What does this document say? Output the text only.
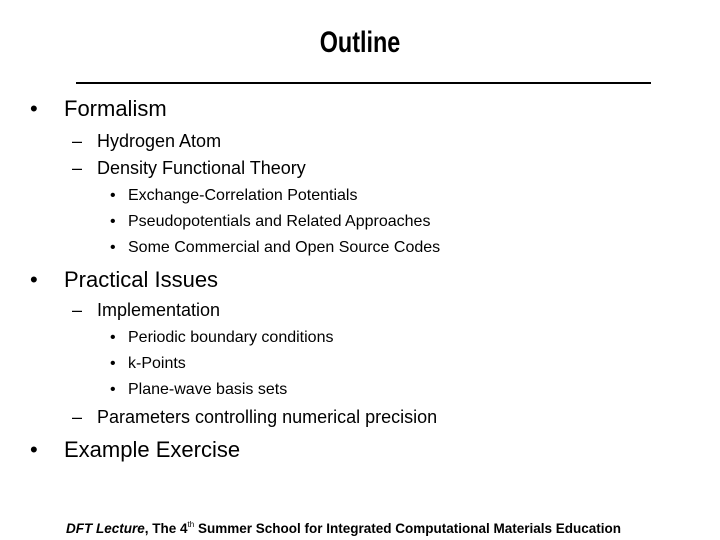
Outline
• Formalism
– Hydrogen Atom
– Density Functional Theory
• Exchange-Correlation Potentials
• Pseudopotentials and Related Approaches
• Some Commercial and Open Source Codes
• Practical Issues
– Implementation
• Periodic boundary conditions
• k-Points
• Plane-wave basis sets
– Parameters controlling numerical precision
• Example Exercise
DFT Lecture, The 4th Summer School for Integrated Computational Materials Education
